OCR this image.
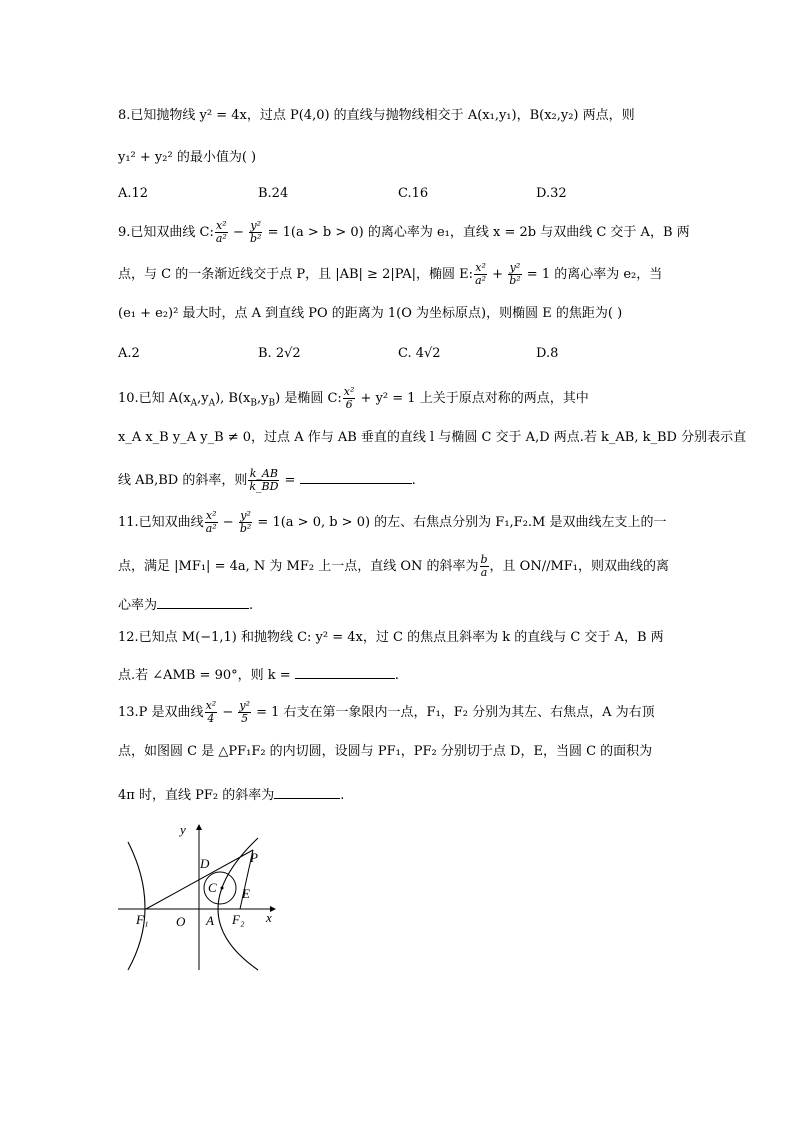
8.已知抛物线 y² = 4x，过点 P(4,0) 的直线与抛物线相交于 A(x₁,y₁)，B(x₂,y₂) 两点，则
y₁² + y₂² 的最小值为( )
A.12	B.24	C.16	D.32
9.已知双曲线 C: $\frac{\text{x²}}{\text{a²}} - \frac{\text{y²}}{\text{b²}} = 1(a > b > 0)$ 的离心率为 e₁，直线 x = 2b 与双曲线 C 交于 A，B 两
点，与 C 的一条渐近线交于点 P，且 |AB| ≥ 2|PA|，椭圆 E: $\frac{\text{x²}}{\text{a²}} + \frac{\text{y²}}{\text{b²}} = 1$ 的离心率为 e₂，当
(e₁ + e₂)² 最大时，点 A 到直线 PO 的距离为 1(O 为坐标原点)，则椭圆 E 的焦距为( )
A.2	B. 2√2	C. 4√2	D.8
10.已知 $A(x_A,y_A)$, $B(x_B,y_B)$ 是椭圆 C: $\frac{\text{x²}}{6} + y^2 = 1$ 上关于原点对称的两点，其中
x_A x_B y_A y_B ≠ 0，过点 A 作与 AB 垂直的直线 l 与椭圆 C 交于 A,D 两点.若 k_AB, k_BD 分别表示直
线 AB,BD 的斜率，则 $\frac{k\_AB}{k\_BD}$ =	.
11.已知双曲线 $\frac{\text{x²}}{\text{a²}} - \frac{\text{y²}}{\text{b²}} = 1(a > 0$, b > 0) 的左、右焦点分别为 F₁,F₂.M 是双曲线左支上的一
点，满足 |MF₁| = 4a, N 为 MF₂ 上一点，直线 ON 的斜率为 $\frac{b}{a}$ ，且 ON//MF₁，则双曲线的离
心率为	.
12.已知点 M(−1,1) 和抛物线 C: y² = 4x，过 C 的焦点且斜率为 k 的直线与 C 交于 A，B 两
点.若 ∠AMB = 90°，则 k =	.
13.P 是双曲线 $\frac{\text{x²}}{4} - \frac{\text{y²}}{5} = 1$ 右支在第一象限内一点，F₁，F₂ 分别为其左、右焦点，A 为右顶
点，如图圆 C 是 △PF₁F₂ 的内切圆，设圆与 PF₁，PF₂ 分别切于点 D，E，当圆 C 的面积为
4π 时，直线 PF₂ 的斜率为	.
y
x
O A
F₁	F₂
P
D
E
C
